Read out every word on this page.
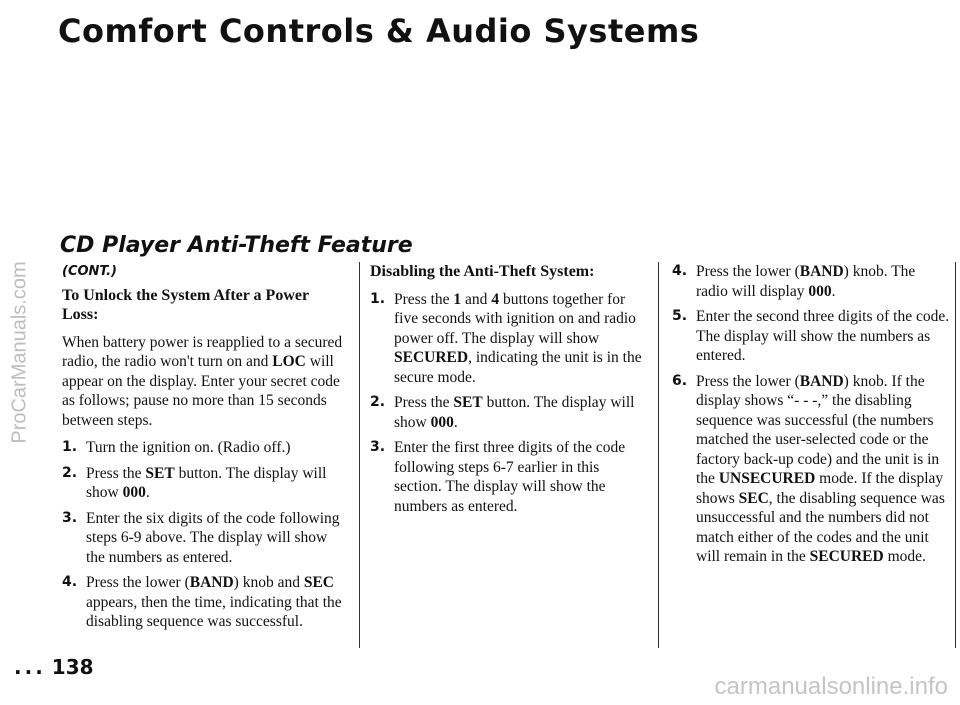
ProCarManuals.com
Comfort Controls & Audio Systems
CD Player Anti-Theft Feature
(CONT.)
To Unlock the System After a Power Loss:
When battery power is reapplied to a secured radio, the radio won't turn on and LOC will appear on the display. Enter your secret code as follows; pause no more than 15 seconds between steps.
1. Turn the ignition on. (Radio off.)
2. Press the SET button. The display will show 000.
3. Enter the six digits of the code following steps 6-9 above. The display will show the numbers as entered.
4. Press the lower (BAND) knob and SEC appears, then the time, indicating that the disabling sequence was successful.
Disabling the Anti-Theft System:
1. Press the 1 and 4 buttons together for five seconds with ignition on and radio power off. The display will show SECURED, indicating the unit is in the secure mode.
2. Press the SET button. The display will show 000.
3. Enter the first three digits of the code following steps 6-7 earlier in this section. The display will show the numbers as entered.
4. Press the lower (BAND) knob. The radio will display 000.
5. Enter the second three digits of the code. The display will show the numbers as entered.
6. Press the lower (BAND) knob. If the display shows “- - -,” the disabling sequence was successful (the numbers matched the user-selected code or the factory back-up code) and the unit is in the UNSECURED mode. If the display shows SEC, the disabling sequence was unsuccessful and the numbers did not match either of the codes and the unit will remain in the SECURED mode.
... 138
carmanualsonline.info
